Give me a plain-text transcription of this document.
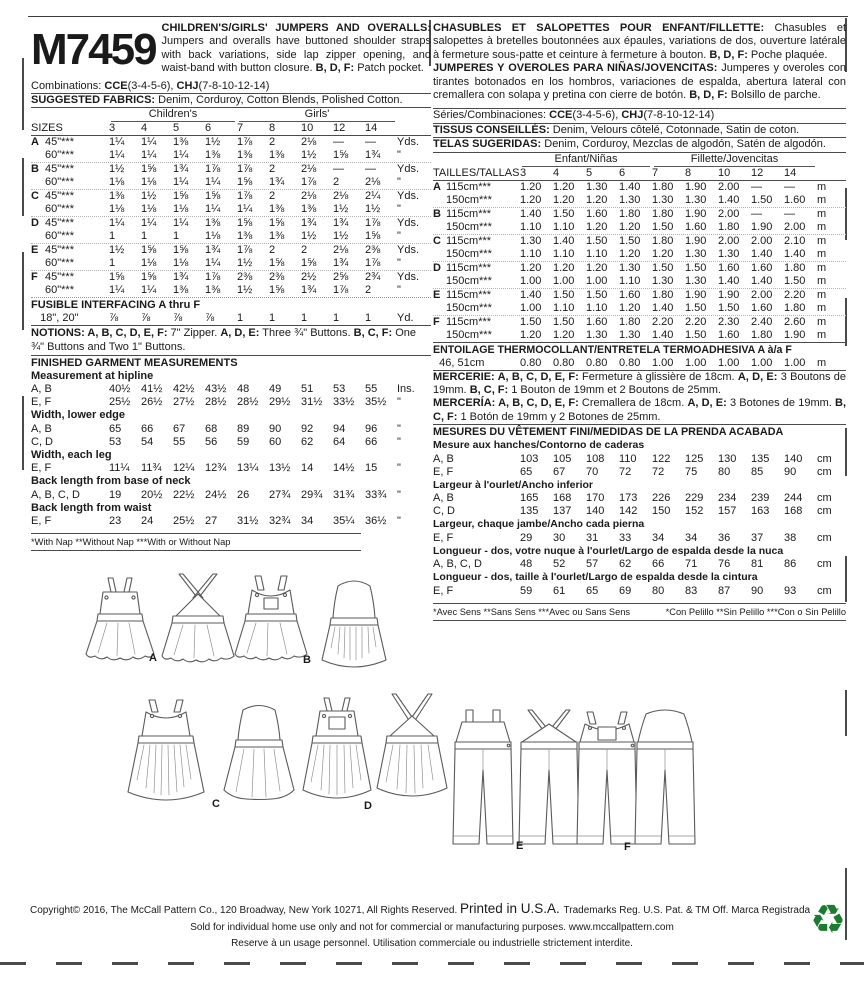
M7459 CHILDREN'S/GIRLS' JUMPERS AND OVERALLS: Jumpers and overalls have buttoned shoulder straps with back variations, side lap zipper opening, and waist-band with button closure. B, D, F: Patch pocket.
Combinations: CCE(3-4-5-6), CHJ(7-8-10-12-14)
SUGGESTED FABRICS: Denim, Corduroy, Cotton Blends, Polished Cotton.
Children's	Girls'
SIZES	3	4	5	6	7	8	10	12	14
A 45"***	1¼	1¼	1⅜	1½	1⅞	2	2⅛	—	—	Yds.
60"***	1¼	1¼	1¼	1⅜	1⅜	1⅜	1½	1⅝	1¾	"
B 45"***	1½	1⅝	1¾	1⅞	1⅞	2	2⅛	—	—	Yds.
60"***	1⅛	1⅛	1¼	1¼	1⅝	1¾	1⅞	2	2⅛	"
C 45"***	1⅜	1½	1⅝	1⅝	1⅞	2	2⅛	2⅛	2¼	Yds.
60"***	1⅛	1⅛	1⅛	1¼	1¼	1⅜	1⅜	1½	1½	"
D 45"***	1¼	1¼	1¼	1⅜	1⅝	1⅝	1¾	1¾	1⅞	Yds.
60"***	1	1	1	1⅛	1⅜	1⅜	1½	1½	1⅝	"
E 45"***	1½	1⅝	1⅝	1¾	1⅞	2	2	2⅛	2⅜	Yds.
60"***	1	1⅛	1⅛	1¼	1½	1⅝	1⅝	1¾	1⅞	"
F 45"***	1⅝	1⅝	1¾	1⅞	2⅜	2⅜	2½	2⅝	2¾	Yds.
60"***	1¼	1¼	1⅜	1⅜	1½	1⅝	1¾	1⅞	2	"
FUSIBLE INTERFACING A thru F
18", 20"	⅞	⅞	⅞	⅞	1	1	1	1	1	Yd.
NOTIONS: A, B, C, D, E, F: 7" Zipper. A, D, E: Three ¾" Buttons. B, C, F: One ¾" Buttons and Two 1" Buttons.
FINISHED GARMENT MEASUREMENTS
Measurement at hipline
A, B	40½ 41½ 42½ 43½ 48	49	51	53	55	Ins.
E, F	25½ 26½ 27½ 28½ 28½ 29½ 31½ 33½ 35½ "
Width, lower edge
A, B	65	66	67	68	89	90	92	94	96	"
C, D	53	54	55	56	59	60	62	64	66	"
Width, each leg
E, F	11¼	11¾	12¼ 12¾ 13¼ 13½ 14	14½ 15	"
Back length from base of neck
A, B, C, D	19	20½ 22½ 24½ 26	27¾ 29¾ 31¾ 33¾ "
Back length from waist
E, F	23	24	25½ 27	31½ 32¾ 34	35¼ 36½ "
*With Nap **Without Nap ***With or Without Nap
CHASUBLES ET SALOPETTES POUR ENFANT/FILLETTE: Chasubles et salopettes à bretelles boutonnées aux épaules, variations de dos, ouverture latérale à fermeture sous-patte et ceinture à fermeture à bouton. B, D, F: Poche plaquée.
JUMPERES Y OVEROLES PARA NIÑAS/JOVENCITAS: Jumperes y overoles con tirantes botonados en los hombros, variaciones de espalda, abertura lateral con cremallera con solapa y pretina con cierre de botón. B, D, F: Bolsillo de parche.
Séries/Combinaciones: CCE(3-4-5-6), CHJ(7-8-10-12-14)
TISSUS CONSEILLÉS: Denim, Velours côtelé, Cotonnade, Satin de coton.
TELAS SUGERIDAS: Denim, Corduroy, Mezclas de algodón, Satén de algodón.
Enfant/Niñas	Fillette/Jovencitas
TAILLES/TALLAS 3	4	5	6	7	8	10	12	14
A 115cm***	1.20	1.20	1.30	1.40	1.80	1.90	2.00	—	—	m
150cm***	1.20	1.20	1.20	1.30	1.30	1.30	1.40	1.50	1.60	m
B 115cm***	1.40	1.50	1.60	1.80	1.80	1.90	2.00	—	—	m
150cm***	1.10	1.10	1.20	1.20	1.50	1.60	1.80	1.90	2.00	m
C 115cm***	1.30	1.40	1.50	1.50	1.80	1.90	2.00	2.00	2.10	m
150cm***	1.10	1.10	1.10	1.20	1.20	1.30	1.30	1.40	1.40	m
D 115cm***	1.20	1.20	1.20	1.30	1.50	1.50	1.60	1.60	1.80	m
150cm***	1.00	1.00	1.00	1.10	1.30	1.30	1.40	1.40	1.50	m
E 115cm***	1.40	1.50	1.50	1.60	1.80	1.90	1.90	2.00	2.20	m
150cm***	1.00	1.10	1.10	1.20	1.40	1.50	1.50	1.60	1.80	m
F 115cm***	1.50	1.50	1.60	1.80	2.20	2.20	2.30	2.40	2.60	m
150cm***	1.20	1.20	1.30	1.30	1.40	1.50	1.60	1.80	1.90	m
ENTOILAGE THERMOCOLLANT/ENTRETELA TERMOADHESIVA A à/a F
46, 51cm	0.80	0.80	0.80	0.80	1.00	1.00	1.00	1.00	1.00	m
MERCERIE: A, B, C, D, E, F: Fermeture à glissière de 18cm. A, D, E: 3 Boutons de 19mm. B, C, F: 1 Bouton de 19mm et 2 Boutons de 25mm.
MERCERÍA: A, B, C, D, E, F: Cremallera de 18cm. A, D, E: 3 Botones de 19mm. B, C, F: 1 Botón de 19mm y 2 Botones de 25mm.
MESURES DU VÊTEMENT FINI/MEDIDAS DE LA PRENDA ACABADA
Mesure aux hanches/Contorno de caderas
A, B	103	105	108	110	122	125	130	135	140	cm
E, F	65	67	70	72	72	75	80	85	90	cm
Largeur à l'ourlet/Ancho inferior
A, B	165	168	170	173	226	229	234	239	244	cm
C, D	135	137	140	142	150	152	157	163	168	cm
Largeur, chaque jambe/Ancho cada pierna
E, F	29	30	31	33	34	34	36	37	38	cm
Longueur - dos, votre nuque à l'ourlet/Largo de espalda desde la nuca
A, B, C, D	48	52	57	62	66	71	76	81	86	cm
Longueur - dos, taille à l'ourlet/Largo de espalda desde la cintura
E, F	59	61	65	69	80	83	87	90	93	cm
*Avec Sens **Sans Sens ***Avec ou Sans Sens	*Con Pelillo **Sin Pelillo ***Con o Sin Pelillo
A	B
C	D
E	F
Copyright© 2016, The McCall Pattern Co., 120 Broadway, New York 10271, All Rights Reserved. Printed in U.S.A. Trademarks Reg. U.S. Pat. & TM Off. Marca Registrada
Sold for individual home use only and not for commercial or manufacturing purposes. www.mccallpattern.com
Reserve à un usage personnel. Utilisation commerciale ou industrielle strictement interdite.
♻
